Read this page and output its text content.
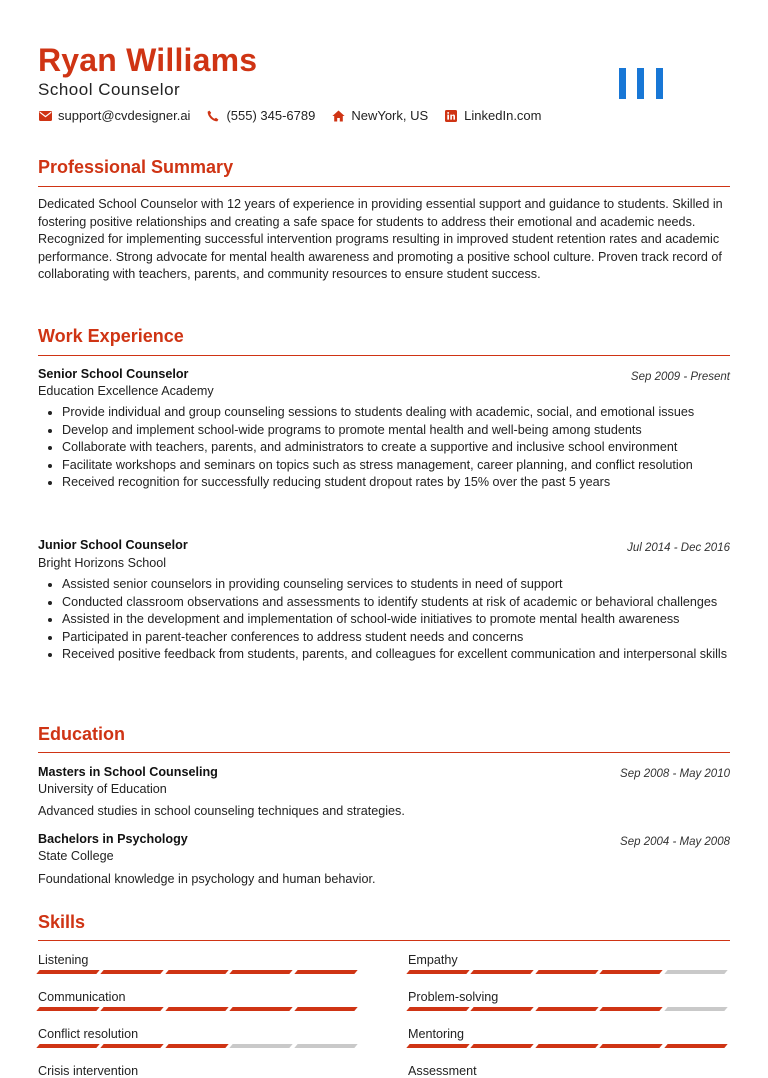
Ryan Williams
School Counselor
support@cvdesigner.ai	(555) 345-6789	NewYork, US	LinkedIn.com
Professional Summary
Dedicated School Counselor with 12 years of experience in providing essential support and guidance to students. Skilled in fostering positive relationships and creating a safe space for students to address their emotional and academic needs. Recognized for implementing successful intervention programs resulting in improved student retention rates and academic performance. Strong advocate for mental health awareness and promoting a positive school culture. Proven track record of collaborating with teachers, parents, and community resources to ensure student success.
Work Experience
Senior School Counselor	Sep 2009 - Present
Education Excellence Academy
Provide individual and group counseling sessions to students dealing with academic, social, and emotional issues
Develop and implement school-wide programs to promote mental health and well-being among students
Collaborate with teachers, parents, and administrators to create a supportive and inclusive school environment
Facilitate workshops and seminars on topics such as stress management, career planning, and conflict resolution
Received recognition for successfully reducing student dropout rates by 15% over the past 5 years
Junior School Counselor	Jul 2014 - Dec 2016
Bright Horizons School
Assisted senior counselors in providing counseling services to students in need of support
Conducted classroom observations and assessments to identify students at risk of academic or behavioral challenges
Assisted in the development and implementation of school-wide initiatives to promote mental health awareness
Participated in parent-teacher conferences to address student needs and concerns
Received positive feedback from students, parents, and colleagues for excellent communication and interpersonal skills
Education
Masters in School Counseling	Sep 2008 - May 2010
University of Education
Advanced studies in school counseling techniques and strategies.
Bachelors in Psychology	Sep 2004 - May 2008
State College
Foundational knowledge in psychology and human behavior.
Skills
Listening	Empathy
Communication	Problem-solving
Conflict resolution	Mentoring
Crisis intervention	Assessment
